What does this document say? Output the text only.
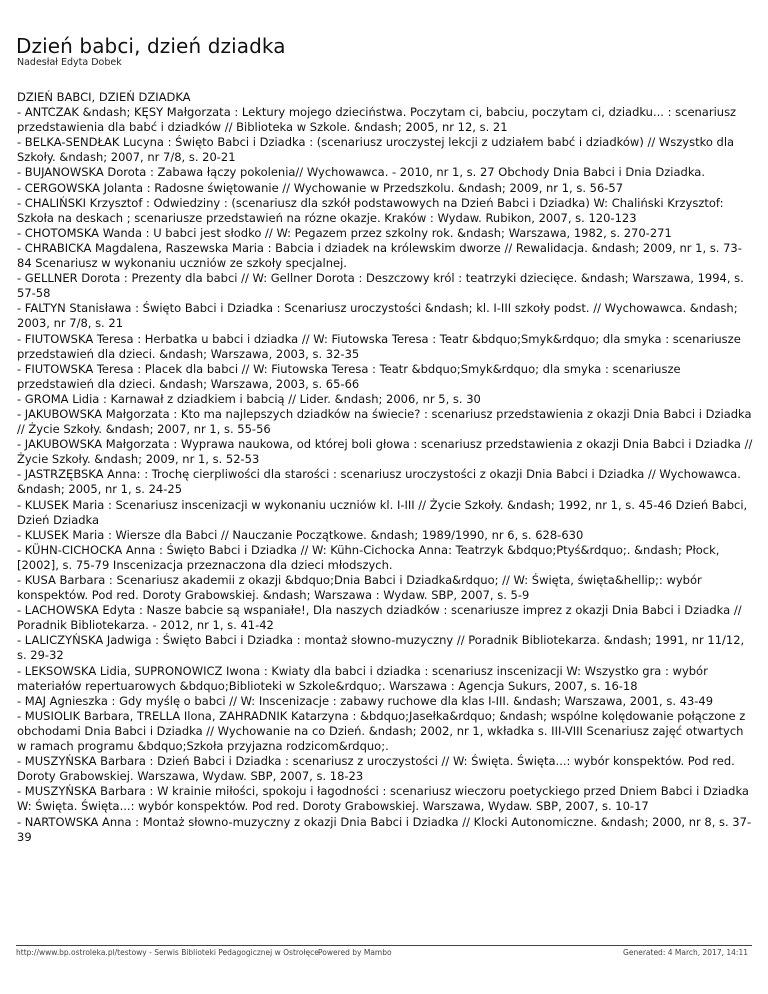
Dzień babci, dzień dziadka
Nadesłał Edyta Dobek
DZIEŃ BABCI, DZIEŃ DZIADKA
- ANTCZAK &ndash; KĘSY Małgorzata : Lektury mojego dzieciństwa. Poczytam ci, babciu, poczytam ci, dziadku... : scenariusz przedstawienia dla babć i dziadków // Biblioteka w Szkole. &ndash; 2005, nr 12, s. 21
- BELKA-SENDŁAK Lucyna : Święto Babci i Dziadka : (scenariusz uroczystej lekcji z udziałem babć i dziadków) // Wszystko dla Szkoły. &ndash; 2007, nr 7/8, s. 20-21
- BUJANOWSKA Dorota : Zabawa łączy pokolenia// Wychowawca. - 2010, nr 1, s. 27 Obchody Dnia Babci i Dnia Dziadka.
- CERGOWSKA Jolanta : Radosne świętowanie // Wychowanie w Przedszkolu. &ndash; 2009, nr 1, s. 56-57
- CHALIŃSKI Krzysztof : Odwiedziny : (scenariusz dla szkół podstawowych na Dzień Babci i Dziadka) W: Chaliński Krzysztof: Szkoła na deskach ; scenariusze przedstawień na rózne okazje. Kraków : Wydaw. Rubikon, 2007, s. 120-123
- CHOTOMSKA Wanda : U babci jest słodko // W: Pegazem przez szkolny rok. &ndash; Warszawa, 1982, s. 270-271
- CHRABICKA Magdalena, Raszewska Maria : Babcia i dziadek na królewskim dworze // Rewalidacja. &ndash; 2009, nr 1, s. 73-84 Scenariusz w wykonaniu uczniów ze szkoły specjalnej.
- GELLNER Dorota : Prezenty dla babci // W: Gellner Dorota : Deszczowy król : teatrzyki dziecięce. &ndash; Warszawa, 1994, s. 57-58
- FALTYN Stanisława : Święto Babci i Dziadka : Scenariusz uroczystości &ndash; kl. I-III szkoły podst. // Wychowawca. &ndash; 2003, nr 7/8, s. 21
- FIUTOWSKA Teresa : Herbatka u babci i dziadka // W: Fiutowska Teresa : Teatr &bdquo;Smyk&rdquo; dla smyka : scenariusze przedstawień dla dzieci. &ndash; Warszawa, 2003, s. 32-35
- FIUTOWSKA Teresa : Placek dla babci // W: Fiutowska Teresa : Teatr &bdquo;Smyk&rdquo; dla smyka : scenariusze przedstawień dla dzieci. &ndash; Warszawa, 2003, s. 65-66
- GROMA Lidia : Karnawał z dziadkiem i babcią // Lider. &ndash; 2006, nr 5, s. 30
- JAKUBOWSKA Małgorzata : Kto ma najlepszych dziadków na świecie? : scenariusz przedstawienia z okazji Dnia Babci i Dziadka // Życie Szkoły. &ndash; 2007, nr 1, s. 55-56
- JAKUBOWSKA Małgorzata : Wyprawa naukowa, od której boli głowa : scenariusz przedstawienia z okazji Dnia Babci i Dziadka // Życie Szkoły. &ndash; 2009, nr 1, s. 52-53
- JASTRZĘBSKA Anna: : Trochę cierpliwości dla starości : scenariusz uroczystości z okazji Dnia Babci i Dziadka // Wychowawca. &ndash; 2005, nr 1, s. 24-25
- KLUSEK Maria : Scenariusz inscenizacji w wykonaniu uczniów kl. I-III // Życie Szkoły. &ndash; 1992, nr 1, s. 45-46 Dzień Babci, Dzień Dziadka
- KLUSEK Maria : Wiersze dla Babci // Nauczanie Początkowe. &ndash; 1989/1990, nr 6, s. 628-630
- KÜHN-CICHOCKA Anna : Święto Babci i Dziadka // W: Kühn-Cichocka Anna: Teatrzyk &bdquo;Ptyś&rdquo;. &ndash; Płock, [2002], s. 75-79 Inscenizacja przeznaczona dla dzieci młodszych.
- KUSA Barbara : Scenariusz akademii z okazji &bdquo;Dnia Babci i Dziadka&rdquo; // W: Święta, święta&hellip;: wybór konspektów. Pod red. Doroty Grabowskiej. &ndash; Warszawa : Wydaw. SBP, 2007, s. 5-9
- LACHOWSKA Edyta : Nasze babcie są wspaniałe!, Dla naszych dziadków : scenariusze imprez z okazji Dnia Babci i Dziadka // Poradnik Bibliotekarza. - 2012, nr 1, s. 41-42
- LALICZYŃSKA Jadwiga : Święto Babci i Dziadka : montaż słowno-muzyczny // Poradnik Bibliotekarza. &ndash; 1991, nr 11/12, s. 29-32
- LEKSOWSKA Lidia, SUPRONOWICZ Iwona : Kwiaty dla babci i dziadka : scenariusz inscenizacji W: Wszystko gra : wybór materiałów repertuarowych &bdquo;Biblioteki w Szkole&rdquo;. Warszawa : Agencja Sukurs, 2007, s. 16-18
- MAJ Agnieszka : Gdy myślę o babci // W: Inscenizacje : zabawy ruchowe dla klas I-III. &ndash; Warszawa, 2001, s. 43-49
- MUSIOLIK Barbara, TRELLA Ilona, ZAHRADNIK Katarzyna : &bdquo;Jasełka&rdquo; &ndash; wspólne kolędowanie połączone z obchodami Dnia Babci i Dziadka // Wychowanie na co Dzień. &ndash; 2002, nr 1, wkładka s. III-VIII Scenariusz zajęć otwartych w ramach programu &bdquo;Szkoła przyjazna rodzicom&rdquo;.
- MUSZYŃSKA Barbara : Dzień Babci i Dziadka : scenariusz z uroczystości // W: Święta. Święta...: wybór konspektów. Pod red. Doroty Grabowskiej. Warszawa, Wydaw. SBP, 2007, s. 18-23
- MUSZYŃSKA Barbara : W krainie miłości, spokoju i łagodności : scenariusz wieczoru poetyckiego przed Dniem Babci i Dziadka W: Święta. Święta...: wybór konspektów. Pod red. Doroty Grabowskiej. Warszawa, Wydaw. SBP, 2007, s. 10-17
- NARTOWSKA Anna : Montaż słowno-muzyczny z okazji Dnia Babci i Dziadka // Klocki Autonomiczne. &ndash; 2000, nr 8, s. 37-39
http://www.bp.ostroleka.pl/testowy - Serwis Biblioteki Pedagogicznej w Ostrołęce Powered by Mambo	Generated: 4 March, 2017, 14:11
